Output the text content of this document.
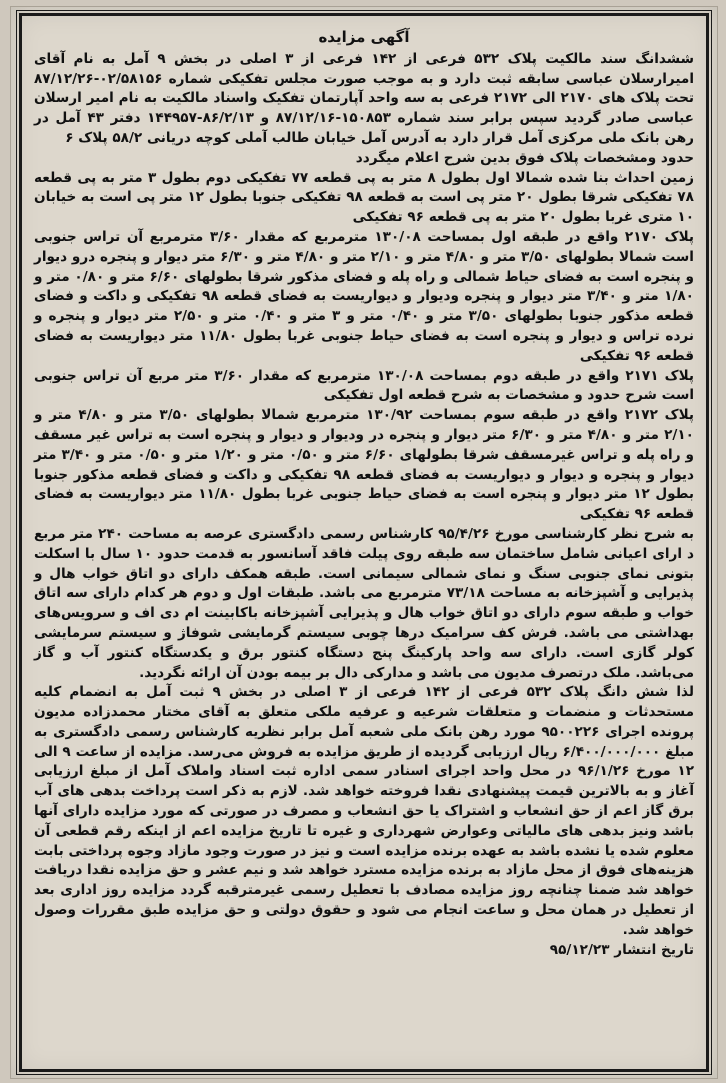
آگهی مزایده

ششدانگ سند مالکیت پلاک ۵۳۲ فرعی از ۱۴۲ فرعی از ۳ اصلی در بخش ۹ آمل به نام آقای امیرارسلان عباسی سابقه ثبت دارد و به موجب صورت مجلس تفکیکی شماره ۰۲/۵۸۱۵۶-۸۷/۱۲/۲۶ تحت پلاک های ۲۱۷۰ الی ۲۱۷۲ فرعی به سه واحد آپارتمان تفکیک واسناد مالکیت به نام امیر ارسلان عباسی صادر گردید سپس برابر سند شماره ۱۵۰۸۵۳-۸۷/۱۲/۱۶ و ۸۶/۲/۱۳-۱۴۴۹۵۷ دفتر ۴۳ آمل در رهن بانک ملی مرکزی آمل قرار دارد به آدرس آمل خیابان طالب آملی کوچه دریانی ۵۸/۲ پلاک ۶

حدود ومشخصات پلاک فوق بدین شرح اعلام میگردد

زمین احداث بنا شده شمالا اول بطول ۸ متر به پی قطعه ۷۷ تفکیکی دوم بطول ۳ متر به پی قطعه ۷۸ تفکیکی شرقا بطول ۲۰ متر پی است به قطعه ۹۸ تفکیکی جنوبا بطول ۱۲ متر پی است به خیابان ۱۰ متری غربا بطول ۲۰ متر به پی قطعه ۹۶ تفکیکی

پلاک ۲۱۷۰ واقع در طبقه اول بمساحت ۱۳۰/۰۸ مترمربع که مقدار ۳/۶۰ مترمربع آن تراس جنوبی است شمالا بطولهای ۳/۵۰ متر و ۴/۸۰ متر و ۲/۱۰ متر و ۴/۸۰ متر و ۶/۳۰ متر دیوار و پنجره درو دیوار و پنجره است به فضای حیاط شمالی و راه پله و فضای مذکور شرقا بطولهای ۶/۶۰ متر و ۰/۸۰ متر و ۱/۸۰ متر و ۳/۴۰ متر دیوار و پنجره ودیوار و دیواریست به فضای قطعه ۹۸ تفکیکی و داکت و فضای قطعه مذکور جنوبا بطولهای ۳/۵۰ متر و ۰/۴۰ متر و ۳ متر و ۰/۴۰ متر و ۲/۵۰ متر دیوار و پنجره و نرده تراس و دیوار و پنجره است به فضای حیاط جنوبی غربا بطول ۱۱/۸۰ متر دیواریست به فضای قطعه ۹۶ تفکیکی

پلاک ۲۱۷۱ واقع در طبقه دوم بمساحت ۱۳۰/۰۸ مترمربع که مقدار ۳/۶۰ متر مربع آن تراس جنوبی است شرح حدود و مشخصات به شرح قطعه اول تفکیکی

پلاک ۲۱۷۲ واقع در طبقه سوم بمساحت ۱۳۰/۹۲ مترمربع شمالا بطولهای ۳/۵۰ متر و ۴/۸۰ متر و ۲/۱۰ متر و ۴/۸۰ متر و ۶/۳۰ متر دیوار و پنجره در ودیوار و دیوار و پنجره است به تراس غیر مسقف و راه پله و تراس غیرمسقف شرقا بطولهای ۶/۶۰ متر و ۰/۵۰ متر و ۱/۲۰ متر و ۰/۵۰ متر و ۳/۴۰ متر دیوار و پنجره و دیوار و دیواریست به فضای قطعه ۹۸ تفکیکی و داکت و فضای قطعه مذکور جنوبا بطول ۱۲ متر دیوار و پنجره است به فضای حیاط جنوبی غربا بطول ۱۱/۸۰ متر دیواریست به فضای قطعه ۹۶ تفکیکی

به شرح نظر کارشناسی مورخ ۹۵/۴/۲۶ کارشناس رسمی دادگستری عرصه به مساحت ۲۴۰ متر مربع د ارای اعیانی شامل ساختمان سه طبقه روی پیلت فاقد آسانسور به قدمت حدود ۱۰ سال با اسکلت بتونی نمای جنوبی سنگ و نمای شمالی سیمانی است. طبقه همکف دارای دو اتاق خواب هال و پذیرایی و آشپزخانه به مساحت ۷۳/۱۸ مترمربع می باشد. طبقات اول و دوم هر کدام دارای سه اتاق خواب و طبقه سوم دارای دو اتاق خواب هال و پذیرایی آشپزخانه باکابینت ام دی اف و سرویس‌های بهداشتی می باشد. فرش کف سرامیک درها چوبی سیستم گرمایشی شوفاژ و سیستم سرمایشی کولر گازی است. دارای سه واحد پارکینگ پنج دستگاه کنتور برق و یکدستگاه کنتور آب و گاز می‌باشد. ملک درتصرف مدیون می باشد و مدارکی دال بر بیمه بودن آن ارائه نگردید.

لذا شش دانگ پلاک ۵۳۲ فرعی از ۱۴۲ فرعی از ۳ اصلی در بخش ۹ ثبت آمل به انضمام کلیه مستحدثات و منضمات و متعلقات شرعیه و عرفیه ملکی متعلق به آقای مختار محمدزاده مدیون پرونده اجرای ۹۵۰۰۲۲۶ مورد رهن بانک ملی شعبه آمل برابر نظریه کارشناس رسمی دادگستری به مبلغ ۶/۴۰۰/۰۰۰/۰۰۰ ریال ارزیابی گردیده از طریق مزایده به فروش می‌رسد. مزایده از ساعت ۹ الی ۱۲ مورخ ۹۶/۱/۲۶ در محل واحد اجرای اسنادر سمی اداره ثبت اسناد واملاک آمل از مبلغ ارزیابی آغاز و به بالاترین قیمت پیشنهادی نقدا فروخته خواهد شد. لازم به ذکر است پرداخت بدهی های آب برق گاز اعم از حق انشعاب و اشتراک یا حق انشعاب و مصرف در صورتی که مورد مزایده دارای آنها باشد ونیز بدهی های مالیاتی وعوارض شهرداری و غیره تا تاریخ مزایده اعم از اینکه رقم قطعی آن معلوم شده یا نشده باشد به عهده برنده مزایده است و نیز در صورت وجود مازاد وجوه پرداختی بابت هزینه‌های فوق از محل مازاد به برنده مزایده مسترد خواهد شد و نیم عشر و حق مزایده نقدا دریافت خواهد شد ضمنا چنانچه روز مزایده مصادف با تعطیل رسمی غیرمترقبه گردد مزایده روز اداری بعد از تعطیل در همان محل و ساعت انجام می شود و حقوق دولتی و حق مزایده طبق مقررات وصول خواهد شد.

تاریخ انتشار ۹۵/۱۲/۲۳
